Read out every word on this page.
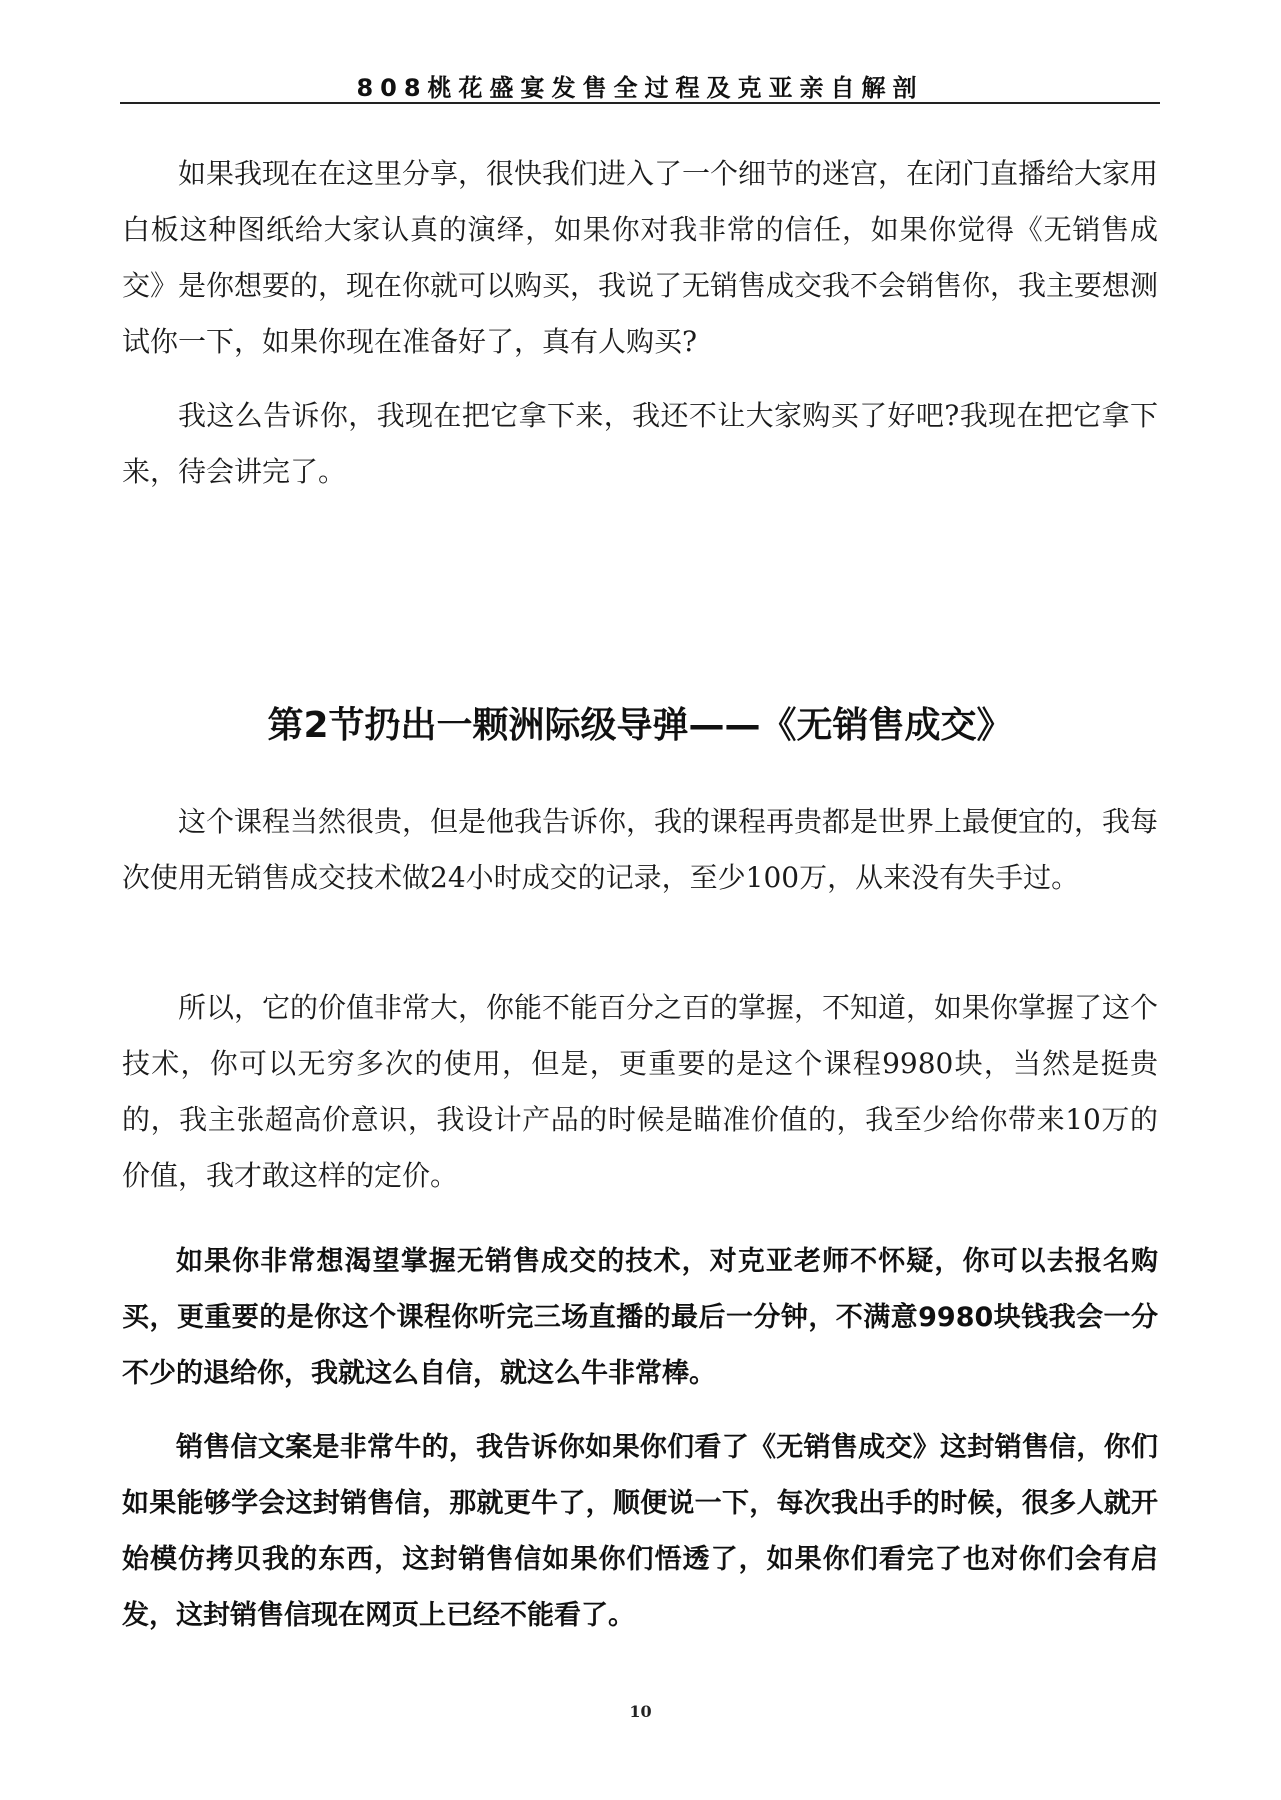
808桃花盛宴发售全过程及克亚亲自解剖

如果我现在在这里分享，很快我们进入了一个细节的迷宫，在闭门直播给大家用白板这种图纸给大家认真的演绎，如果你对我非常的信任，如果你觉得《无销售成交》是你想要的，现在你就可以购买，我说了无销售成交我不会销售你，我主要想测试你一下，如果你现在准备好了，真有人购买?

我这么告诉你，我现在把它拿下来，我还不让大家购买了好吧?我现在把它拿下来，待会讲完了。

第2节扔出一颗洲际级导弹——《无销售成交》

这个课程当然很贵，但是他我告诉你，我的课程再贵都是世界上最便宜的，我每次使用无销售成交技术做24小时成交的记录，至少100万，从来没有失手过。

所以，它的价值非常大，你能不能百分之百的掌握，不知道，如果你掌握了这个技术，你可以无穷多次的使用，但是，更重要的是这个课程9980块，当然是挺贵的，我主张超高价意识，我设计产品的时候是瞄准价值的，我至少给你带来10万的价值，我才敢这样的定价。

如果你非常想渴望掌握无销售成交的技术，对克亚老师不怀疑，你可以去报名购买，更重要的是你这个课程你听完三场直播的最后一分钟，不满意9980块钱我会一分不少的退给你，我就这么自信，就这么牛非常棒。

销售信文案是非常牛的，我告诉你如果你们看了《无销售成交》这封销售信，你们如果能够学会这封销售信，那就更牛了，顺便说一下，每次我出手的时候，很多人就开始模仿拷贝我的东西，这封销售信如果你们悟透了，如果你们看完了也对你们会有启发，这封销售信现在网页上已经不能看了。

10
